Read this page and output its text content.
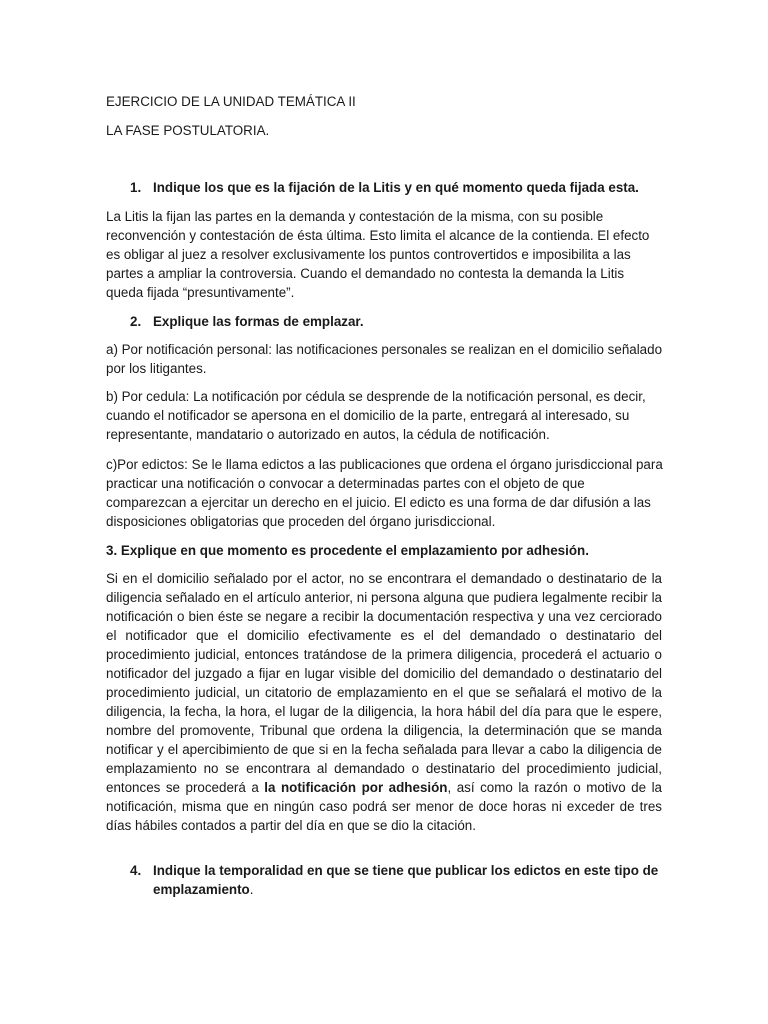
EJERCICIO DE LA UNIDAD TEMÁTICA II

LA FASE POSTULATORIA.

1. Indique los que es la fijación de la Litis y en qué momento queda fijada esta.

La Litis la fijan las partes en la demanda y contestación de la misma, con su posible reconvención y contestación de ésta última. Esto limita el alcance de la contienda. El efecto es obligar al juez a resolver exclusivamente los puntos controvertidos e imposibilita a las partes a ampliar la controversia. Cuando el demandado no contesta la demanda la Litis queda fijada “presuntivamente”.

2. Explique las formas de emplazar.

a) Por notificación personal: las notificaciones personales se realizan en el domicilio señalado por los litigantes.

b) Por cedula: La notificación por cédula se desprende de la notificación personal, es decir, cuando el notificador se apersona en el domicilio de la parte, entregará al interesado, su representante, mandatario o autorizado en autos, la cédula de notificación.

c)Por edictos: Se le llama edictos a las publicaciones que ordena el órgano jurisdiccional para practicar una notificación o convocar a determinadas partes con el objeto de que comparezcan a ejercitar un derecho en el juicio. El edicto es una forma de dar difusión a las disposiciones obligatorias que proceden del órgano jurisdiccional.

3. Explique en que momento es procedente el emplazamiento por adhesión.

Si en el domicilio señalado por el actor, no se encontrara el demandado o destinatario de la diligencia señalado en el artículo anterior, ni persona alguna que pudiera legalmente recibir la notificación o bien éste se negare a recibir la documentación respectiva y una vez cerciorado el notificador que el domicilio efectivamente es el del demandado o destinatario del procedimiento judicial, entonces tratándose de la primera diligencia, procederá el actuario o notificador del juzgado a fijar en lugar visible del domicilio del demandado o destinatario del procedimiento judicial, un citatorio de emplazamiento en el que se señalará el motivo de la diligencia, la fecha, la hora, el lugar de la diligencia, la hora hábil del día para que le espere, nombre del promovente, Tribunal que ordena la diligencia, la determinación que se manda notificar y el apercibimiento de que si en la fecha señalada para llevar a cabo la diligencia de emplazamiento no se encontrara al demandado o destinatario del procedimiento judicial, entonces se procederá a la notificación por adhesión, así como la razón o motivo de la notificación, misma que en ningún caso podrá ser menor de doce horas ni exceder de tres días hábiles contados a partir del día en que se dio la citación.

4. Indique la temporalidad en que se tiene que publicar los edictos en este tipo de emplazamiento.
